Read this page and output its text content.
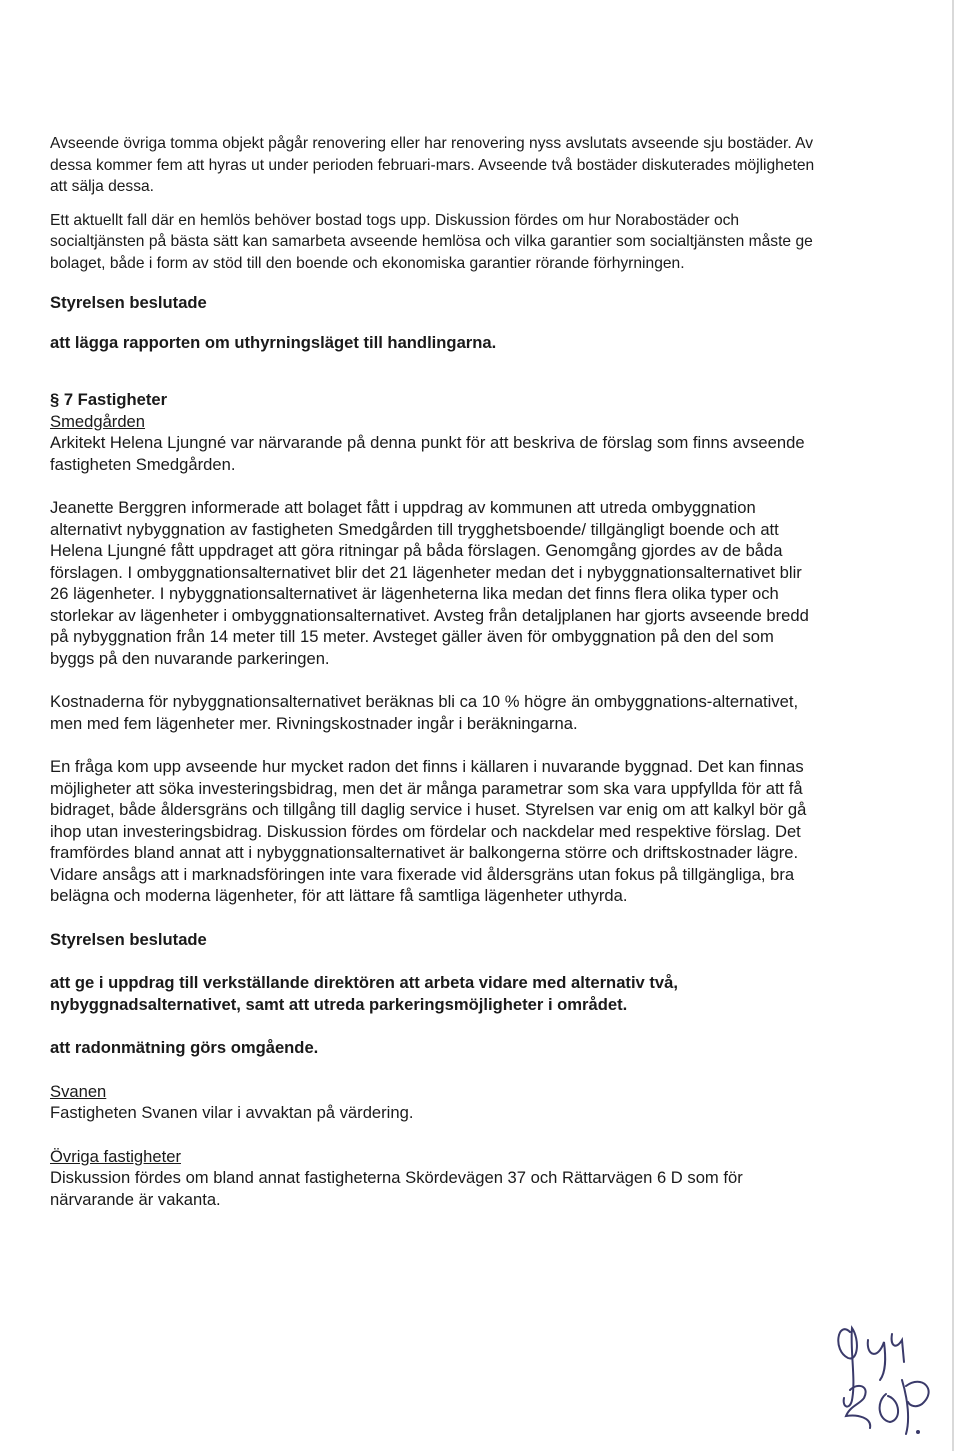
Avseende övriga tomma objekt pågår renovering eller har renovering nyss avslutats avseende sju bostäder. Av dessa kommer fem att hyras ut under perioden februari-mars. Avseende två bostäder diskuterades möjligheten att sälja dessa.

Ett aktuellt fall där en hemlös behöver bostad togs upp. Diskussion fördes om hur Norabostäder och socialtjänsten på bästa sätt kan samarbeta avseende hemlösa och vilka garantier som socialtjänsten måste ge bolaget, både i form av stöd till den boende och ekonomiska garantier rörande förhyrningen.

Styrelsen beslutade

att lägga rapporten om uthyrningsläget till handlingarna.

§ 7 Fastigheter

Smedgården

Arkitekt Helena Ljungné var närvarande på denna punkt för att beskriva de förslag som finns avseende fastigheten Smedgården.

Jeanette Berggren informerade att bolaget fått i uppdrag av kommunen att utreda ombyggnation alternativt nybyggnation av fastigheten Smedgården till trygghetsboende/ tillgängligt boende och att Helena Ljungné fått uppdraget att göra ritningar på båda förslagen. Genomgång gjordes av de båda förslagen. I ombyggnationsalternativet blir det 21 lägenheter medan det i nybyggnationsalternativet blir 26 lägenheter. I nybyggnationsalternativet är lägenheterna lika medan det finns flera olika typer och storlekar av lägenheter i ombyggnationsalternativet. Avsteg från detaljplanen har gjorts avseende bredd på nybyggnation från 14 meter till 15 meter. Avsteget gäller även för ombyggnation på den del som byggs på den nuvarande parkeringen.

Kostnaderna för nybyggnationsalternativet beräknas bli ca 10 % högre än ombyggnations-alternativet, men med fem lägenheter mer. Rivningskostnader ingår i beräkningarna.

En fråga kom upp avseende hur mycket radon det finns i källaren i nuvarande byggnad. Det kan finnas möjligheter att söka investeringsbidrag, men det är många parametrar som ska vara uppfyllda för att få bidraget, både åldersgräns och tillgång till daglig service i huset. Styrelsen var enig om att kalkyl bör gå ihop utan investeringsbidrag. Diskussion fördes om fördelar och nackdelar med respektive förslag. Det framfördes bland annat att i nybyggnationsalternativet är balkongerna större och driftskostnader lägre. Vidare ansågs att i marknadsföringen inte vara fixerade vid åldersgräns utan fokus på tillgängliga, bra belägna och moderna lägenheter, för att lättare få samtliga lägenheter uthyrda.

Styrelsen beslutade

att ge i uppdrag till verkställande direktören att arbeta vidare med alternativ två, nybyggnadsalternativet, samt att utreda parkeringsmöjligheter i området.

att radonmätning görs omgående.

Svanen

Fastigheten Svanen vilar i avvaktan på värdering.

Övriga fastigheter

Diskussion fördes om bland annat fastigheterna Skördevägen 37 och Rättarvägen 6 D som för närvarande är vakanta.
